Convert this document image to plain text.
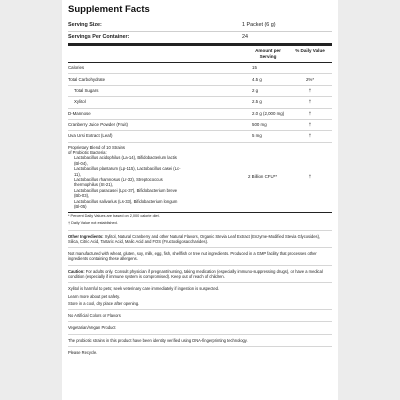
Supplement Facts
Serving Size:	1 Packet (6 g)
Servings Per Container:	24
Amount per Serving
% Daily Value
Calories	15
Total Carbohydrate	4.5 g	2%*
Total Sugars	2 g	†
Xylitol	2.5 g	†
D-Mannose	2.0 g (2,000 mg)	†
Cranberry Juice Powder (Fruit)	500 mg	†
Uva Ursi Extract (Leaf)	5 mg	†
Proprietary Blend of 10 Strains
of Probiotic Bacteria:
Lactobacillus acidophilus (La-14), Bifidobacterium lactis
(Bl-04),
Lactobacillus plantarum (Lp-115), Lactobacillus casei (Lc-
11),
Lactobacillus rhamnosus (Lr-32), Streptococcus
thermophilus (St-21),
Lactobacillus paracasei (Lpc-37), Bifidobacterium breve
(Bb-03),
Lactobacillus salivarius (Ls-33), Bifidobacterium longum
(Bl-05)
2 Billion CFU**	†
* Percent Daily Values are based on 2,000 calorie diet.
† Daily Value not established.
Other Ingredients: Xylitol, Natural Cranberry and other Natural Flavors, Organic Stevia Leaf Extract (Enzyme-Modified Stevia Glycosides), Silica, Citric Acid, Tartaric Acid, Malic Acid and FOS (Fructooligosaccharides).
Not manufactured with wheat, gluten, soy, milk, egg, fish, shellfish or tree nut ingredients. Produced in a GMP facility that processes other ingredients containing these allergens.
Caution: For adults only. Consult physician if pregnant/nursing, taking medication (especially immuno-suppressing drugs), or have a medical condition (especially if immune system is compromised). Keep out of reach of children.
Xylitol is harmful to pets; seek veterinary care immediately if ingestion is suspected.
Learn more about pet safety.
Store in a cool, dry place after opening.
No Artificial Colors or Flavors
Vegetarian/Vegan Product
The probiotic strains in this product have been identity verified using DNA-fingerprinting technology.
Please Recycle.
